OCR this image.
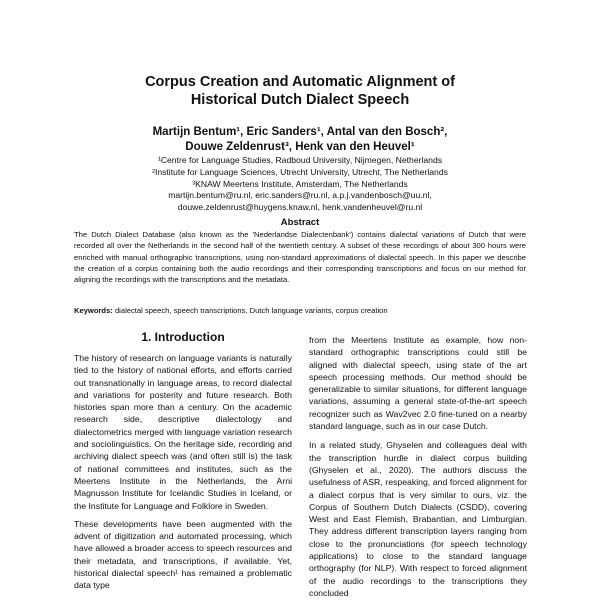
Corpus Creation and Automatic Alignment of
Historical Dutch Dialect Speech
Martijn Bentum¹, Eric Sanders¹, Antal van den Bosch²,
Douwe Zeldenrust³, Henk van den Heuvel¹
¹Centre for Language Studies, Radboud University, Nijmegen, Netherlands
²Institute for Language Sciences, Utrecht University, Utrecht, The Netherlands
³KNAW Meertens Institute, Amsterdam, The Netherlands
martijn.bentum@ru.nl, eric.sanders@ru.nl, a.p.j.vandenbosch@uu.nl,
douwe.zeldenrust@huygens.knaw.nl, henk.vandenheuvel@ru.nl
Abstract
The Dutch Dialect Database (also known as the 'Nederlandse Dialectenbank') contains dialectal variations of Dutch that were recorded all over the Netherlands in the second half of the twentieth century. A subset of these recordings of about 300 hours were enriched with manual orthographic transcriptions, using non-standard approximations of dialectal speech. In this paper we describe the creation of a corpus containing both the audio recordings and their corresponding transcriptions and focus on our method for aligning the recordings with the transcriptions and the metadata.
Keywords: dialectal speech, speech transcriptions, Dutch language variants, corpus creation
1. Introduction

The history of research on language variants is naturally tied to the history of national efforts, and efforts carried out transnationally in language areas, to record dialectal and variations for posterity and future research. Both histories span more than a century. On the academic research side, descriptive dialectology and dialectometrics merged with language variation research and sociolinguistics. On the heritage side, recording and archiving dialect speech was (and often still is) the task of national committees and institutes, such as the Meertens Institute in the Netherlands, the Arni Magnusson Institute for Icelandic Studies in Iceland, or the Institute for Language and Folklore in Sweden.

These developments have been augmented with the advent of digitization and automated processing, which have allowed a broader access to speech resources and their metadata, and transcriptions, if available. Yet, historical dialectal speech¹ has remained a problematic data type

from the Meertens Institute as example, how non-standard orthographic transcriptions could still be aligned with dialectal speech, using state of the art speech processing methods. Our method should be generalizable to similar situations, for different language variations, assuming a general state-of-the-art speech recognizer such as Wav2vec 2.0 fine-tuned on a nearby standard language, such as in our case Dutch.

In a related study, Ghyselen and colleagues deal with the transcription hurdle in dialect corpus building (Ghyselen et al., 2020). The authors discuss the usefulness of ASR, respeaking, and forced alignment for a dialect corpus that is very similar to ours, viz. the Corpus of Southern Dutch Dialects (CSDD), covering West and East Flemish, Brabantian, and Limburgian. They address different transcription layers ranging from close to the pronunciations (for speech technology applications) to close to the standard language orthography (for NLP). With respect to forced alignment of the audio recordings to the transcriptions they concluded
